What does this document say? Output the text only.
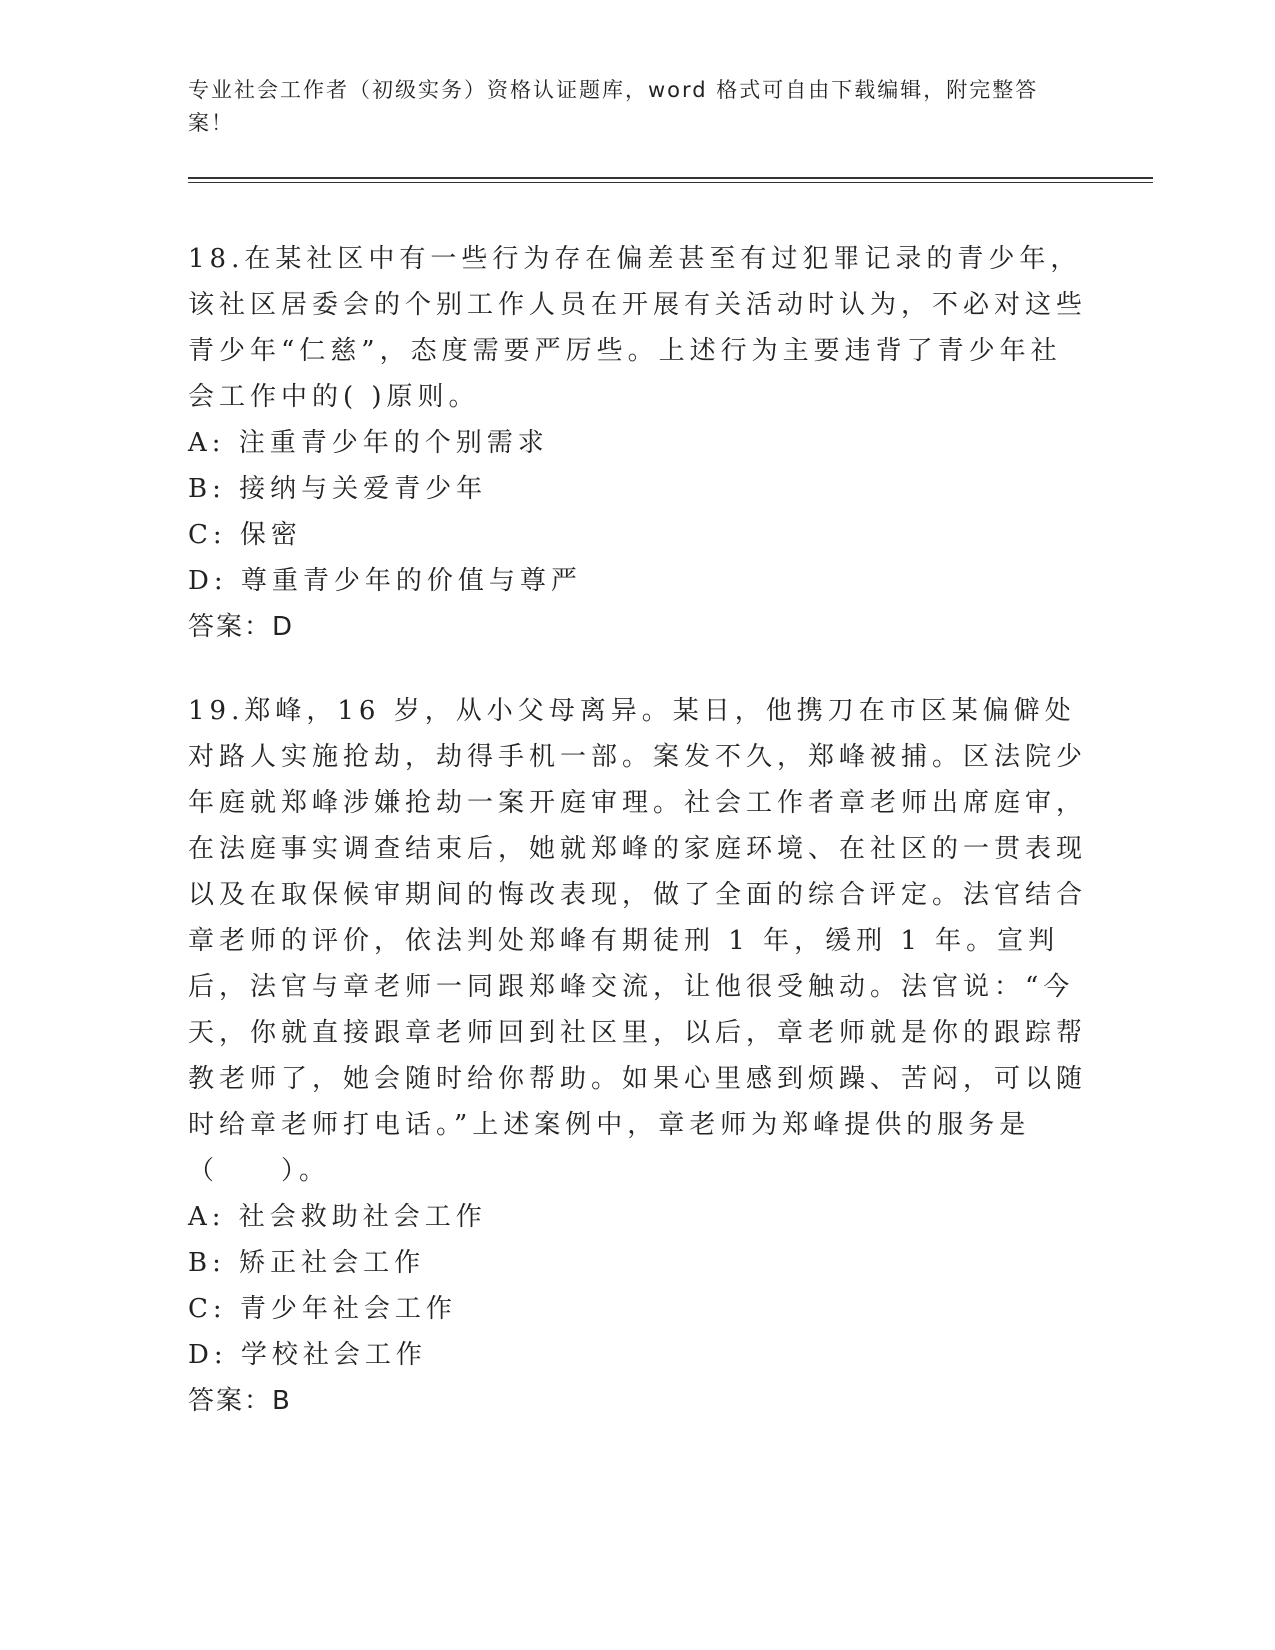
专业社会工作者（初级实务）资格认证题库，word 格式可自由下载编辑，附完整答案！

18.在某社区中有一些行为存在偏差甚至有过犯罪记录的青少年，该社区居委会的个别工作人员在开展有关活动时认为，不必对这些青少年“仁慈”，态度需要严厉些。上述行为主要违背了青少年社会工作中的( )原则。

A: 注重青少年的个别需求

B: 接纳与关爱青少年

C: 保密

D: 尊重青少年的价值与尊严

答案：D

19.郑峰，16 岁，从小父母离异。某日，他携刀在市区某偏僻处对路人实施抢劫，劫得手机一部。案发不久，郑峰被捕。区法院少年庭就郑峰涉嫌抢劫一案开庭审理。社会工作者章老师出席庭审，在法庭事实调查结束后，她就郑峰的家庭环境、在社区的一贯表现以及在取保候审期间的悔改表现，做了全面的综合评定。法官结合章老师的评价，依法判处郑峰有期徒刑 1 年，缓刑 1 年。宣判后，法官与章老师一同跟郑峰交流，让他很受触动。法官说：“今天，你就直接跟章老师回到社区里，以后，章老师就是你的跟踪帮教老师了，她会随时给你帮助。如果心里感到烦躁、苦闷，可以随时给章老师打电话。”上述案例中，章老师为郑峰提供的服务是（　　）。

A: 社会救助社会工作

B: 矫正社会工作

C: 青少年社会工作

D: 学校社会工作

答案：B
